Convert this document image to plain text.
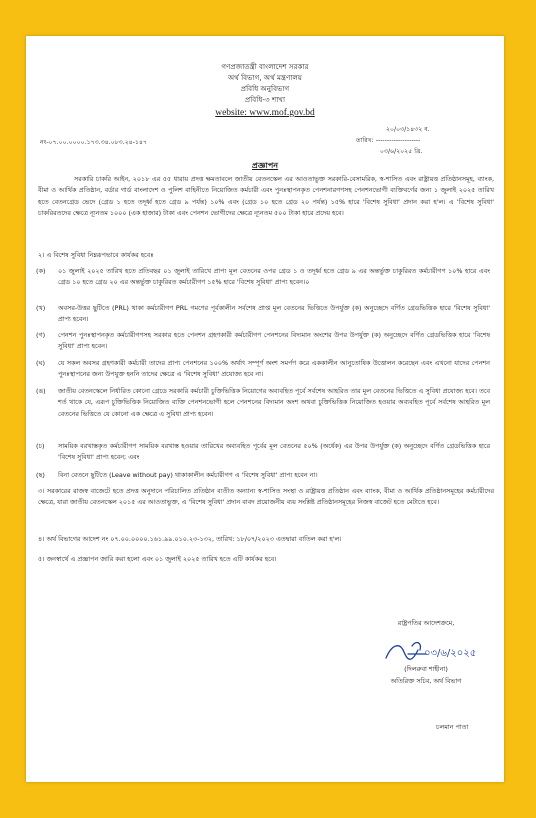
গণপ্রজাতন্ত্রী বাংলাদেশ সরকার
অর্থ বিভাগ, অর্থ মন্ত্রণালয়
প্রবিধি অনুবিভাগ
প্রবিধি-৩ শাখা
website: www.mof.gov.bd
২০/০৩/১৪৩২ ব.
নং-০৭.০০.০০০০.১৭৩.৩৪.০৮৩.২৪-১৪৭	তারিখ: --------------------
০৩/৬/২০২৫ খ্রি.
প্রজ্ঞাপন
সরকারি চাকরি আইন, ২০১৮ এর ৫৫ ধারায় প্রদত্ত ক্ষমতাবলে জাতীয় বেতনস্কেল এর আওতাভুক্ত সরকারি-বেসামরিক, স্ব-শাসিত এবং রাষ্ট্রায়ত্ত প্রতিষ্ঠানসমূহ, ব্যাংক, বীমা ও আর্থিক প্রতিষ্ঠান, বর্ডার গার্ড বাংলাদেশ ও পুলিশ বাহিনীতে নিয়োজিত কর্মচারী এবং পুনঃস্থাপনকৃত পেনশনারগণসহ পেনশনভোগী ব্যক্তিবর্গের জন্য ১ জুলাই ২০২৫ তারিখ হতে বেতনগ্রেড ভেদে (গ্রেড ১ হতে তদূর্ধ্ব হতে গ্রেড ৯ পর্যন্ত) ১০% এবং (গ্রেড ১০ হতে গ্রেড ২০ পর্যন্ত) ১৫% হারে 'বিশেষ সুবিধা' প্রদান করা হ'ল। এ 'বিশেষ সুবিধা' চাকরিরতদের ক্ষেত্রে ন্যূনতম ১০০০ (এক হাজার) টাকা এবং পেনশন ভোগীদের ক্ষেত্রে ন্যূনতম ৫০০ টাকা হারে প্রদেয় হবে।
২। এ বিশেষ সুবিধা নিম্নরূপভাবে কার্যকর হবেঃ
(ক)	০১ জুলাই ২০২৫ তারিখ হতে প্রতিবছর ০১ জুলাই তারিখে প্রাপ্য মূল বেতনের ওপর গ্রেড ১ ও তদূর্ধ্ব হতে গ্রেড ৯ এর অন্তর্ভুক্ত চাকুরিরত কর্মচারীগণ ১০% হারে এবং গ্রেড ১০ হতে গ্রেড ২০ এর অন্তর্ভুক্ত চাকুরিরত কর্মচারীগণ ১৫% হারে 'বিশেষ সুবিধা' প্রাপ্য হবেন।০
(খ)	অবসর-উত্তর ছুটিতে (PRL) থাকা কর্মচারীগণ PRL গমণের পূর্বকালীন সর্বশেষ প্রাপ্ত মূল বেতনের ভিত্তিতে উপর্যুক্ত (ক) অনুচ্ছেদে বর্ণিত গ্রেডভিত্তিক হারে 'বিশেষ সুবিধা' প্রাপ্য হবেন।
(গ)	পেনশন পুনঃস্থাপনকৃত কর্মচারীগণসহ সরকার হতে পেনশন গ্রহণকারী কর্মচারীগণ পেনশনের বিদ্যমান অংশের উপর উপর্যুক্ত (ক) অনুচ্ছেদে বর্ণিত গ্রেডভিত্তিক হারে 'বিশেষ সুবিধা' প্রাপ্য হবেন।
(ঘ)	যে সকল অবসর গ্রহণকারী কর্মচারী তাদের প্রাপ্য পেনশনের ১০০% অর্থাৎ সম্পূর্ণ অংশ সমর্পণ করে এককালীন আনুতোষিক উত্তোলন করেছেন এবং এখনো যাদের পেনশন পুনঃস্থাপনের জন্য উপযুক্ত হননি তাদের ক্ষেত্রে এ 'বিশেষ সুবিধা' প্রযোজ্য হবে না।
(ঙ)	জাতীয় বেতনস্কেলে নির্ধারিত কোনো গ্রেডে সরকারি কর্মচারী চুক্তিভিত্তিক নিয়োগের অব্যবহিত পূর্বে সর্বশেষ আহরিত তার মূল বেতনের ভিত্তিতে এ সুবিধা প্রযোজ্য হবে। তবে শর্ত থাকে যে, এরূপ চুক্তিভিত্তিক নিয়োজিত ব্যক্তি পেনশনভোগী হলে পেনশনের বিদ্যমান অংশ অথবা চুক্তিভিত্তিক নিয়োজিত হওয়ার অব্যবহিত পূর্বে সর্বশেষ আহরিত মূল বেতনের ভিত্তিতে যে কোনো এক ক্ষেত্রে এ সুবিধা প্রাপ্য হবেন।
(চ)	সাময়িক বরখাস্তকৃত কর্মচারীগণ সাময়িক বরখাস্ত হওয়ার তারিখের অব্যবহিত পূর্বের মূল বেতনের ৫০% (অর্ধেক) এর উপর উপর্যুক্ত (ক) অনুচ্ছেদে বর্ণিত গ্রেডভিত্তিক হারে 'বিশেষ সুবিধা' প্রাপ্য হবেন; এবং
(ছ)	বিনা বেতনে ছুটিতে (Leave without pay) থাকাকালীন কর্মচারীগণ এ 'বিশেষ সুবিধা' প্রাপ্য হবেন না।
৩। সরকারের রাজস্ব বাজেটে হতে প্রদত্ত অনুদানে পরিচালিত প্রতিষ্ঠান ব্যতীত অন্যান্য স্ব-শাসিত সংস্থা ও রাষ্ট্রায়ত্ত প্রতিষ্ঠান এবং ব্যাংক, বীমা ও আর্থিক প্রতিষ্ঠানসমূহের কর্মচারীদের ক্ষেত্রে, যারা জাতীয় বেতনস্কেল ২০১৫ এর আওতাভুক্ত, এ 'বিশেষ সুবিধা' প্রদান বাবদ প্রয়োজনীয় ব্যয় সংশ্লিষ্ট প্রতিষ্ঠানসমূহের নিজস্ব বাজেট হতে মেটাতে হবে।
৪। অর্থ বিভাগের আদেশ নং ০৭.০০.০০০০.১৬১.৯৯.০১০.২৩-১৩২, তারিখ: ১৮/০৭/২০২৩ এতদ্বারা বাতিল করা হ'ল।
৫। জনস্বার্থে এ প্রজ্ঞাপন জারি করা হলো এবং ০১ জুলাই ২০২৫ তারিখ হতে এটি কার্যকর হবে।
রাষ্ট্রপতির আদেশক্রমে,
০৩/৬/২০২৫
(দিলরুবা শাহীনা)
অতিরিক্ত সচিব, অর্থ বিভাগ
চলমান পাতা
